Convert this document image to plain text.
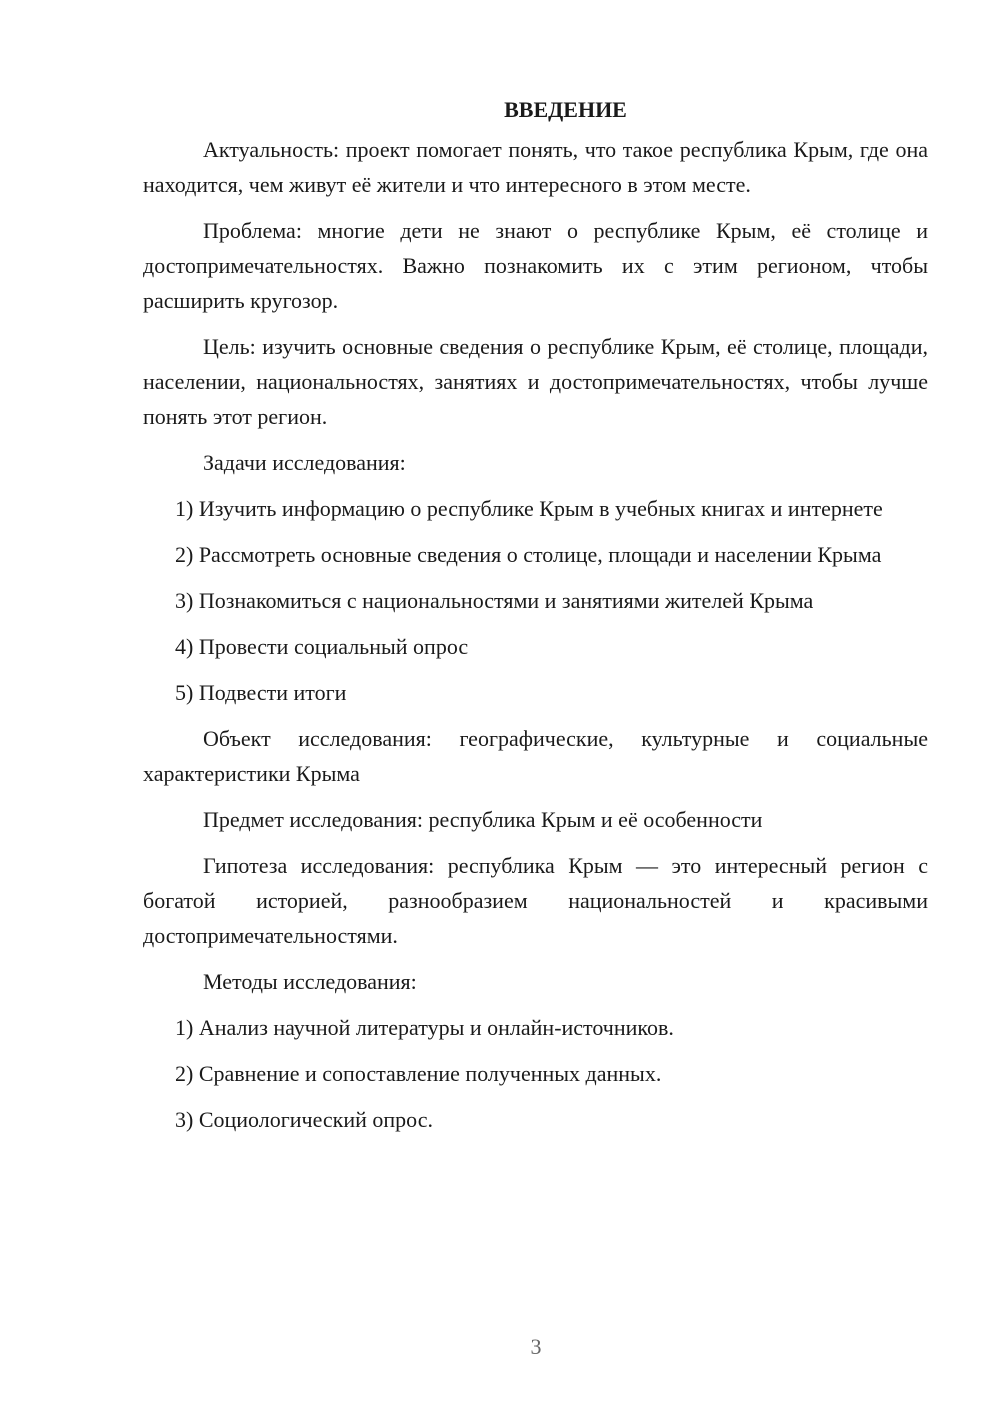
ВВЕДЕНИЕ

Актуальность: проект помогает понять, что такое республика Крым, где она находится, чем живут её жители и что интересного в этом месте.

Проблема: многие дети не знают о республике Крым, её столице и достопримечательностях. Важно познакомить их с этим регионом, чтобы расширить кругозор.

Цель: изучить основные сведения о республике Крым, её столице, площади, населении, национальностях, занятиях и достопримечательностях, чтобы лучше понять этот регион.

Задачи исследования:

1) Изучить информацию о республике Крым в учебных книгах и интернете

2) Рассмотреть основные сведения о столице, площади и населении Крыма

3) Познакомиться с национальностями и занятиями жителей Крыма

4) Провести социальный опрос

5) Подвести итоги

Объект исследования: географические, культурные и социальные характеристики Крыма

Предмет исследования: республика Крым и её особенности

Гипотеза исследования: республика Крым — это интересный регион с богатой историей, разнообразием национальностей и красивыми достопримечательностями.

Методы исследования:

1) Анализ научной литературы и онлайн-источников.

2) Сравнение и сопоставление полученных данных.

3) Социологический опрос.

3
